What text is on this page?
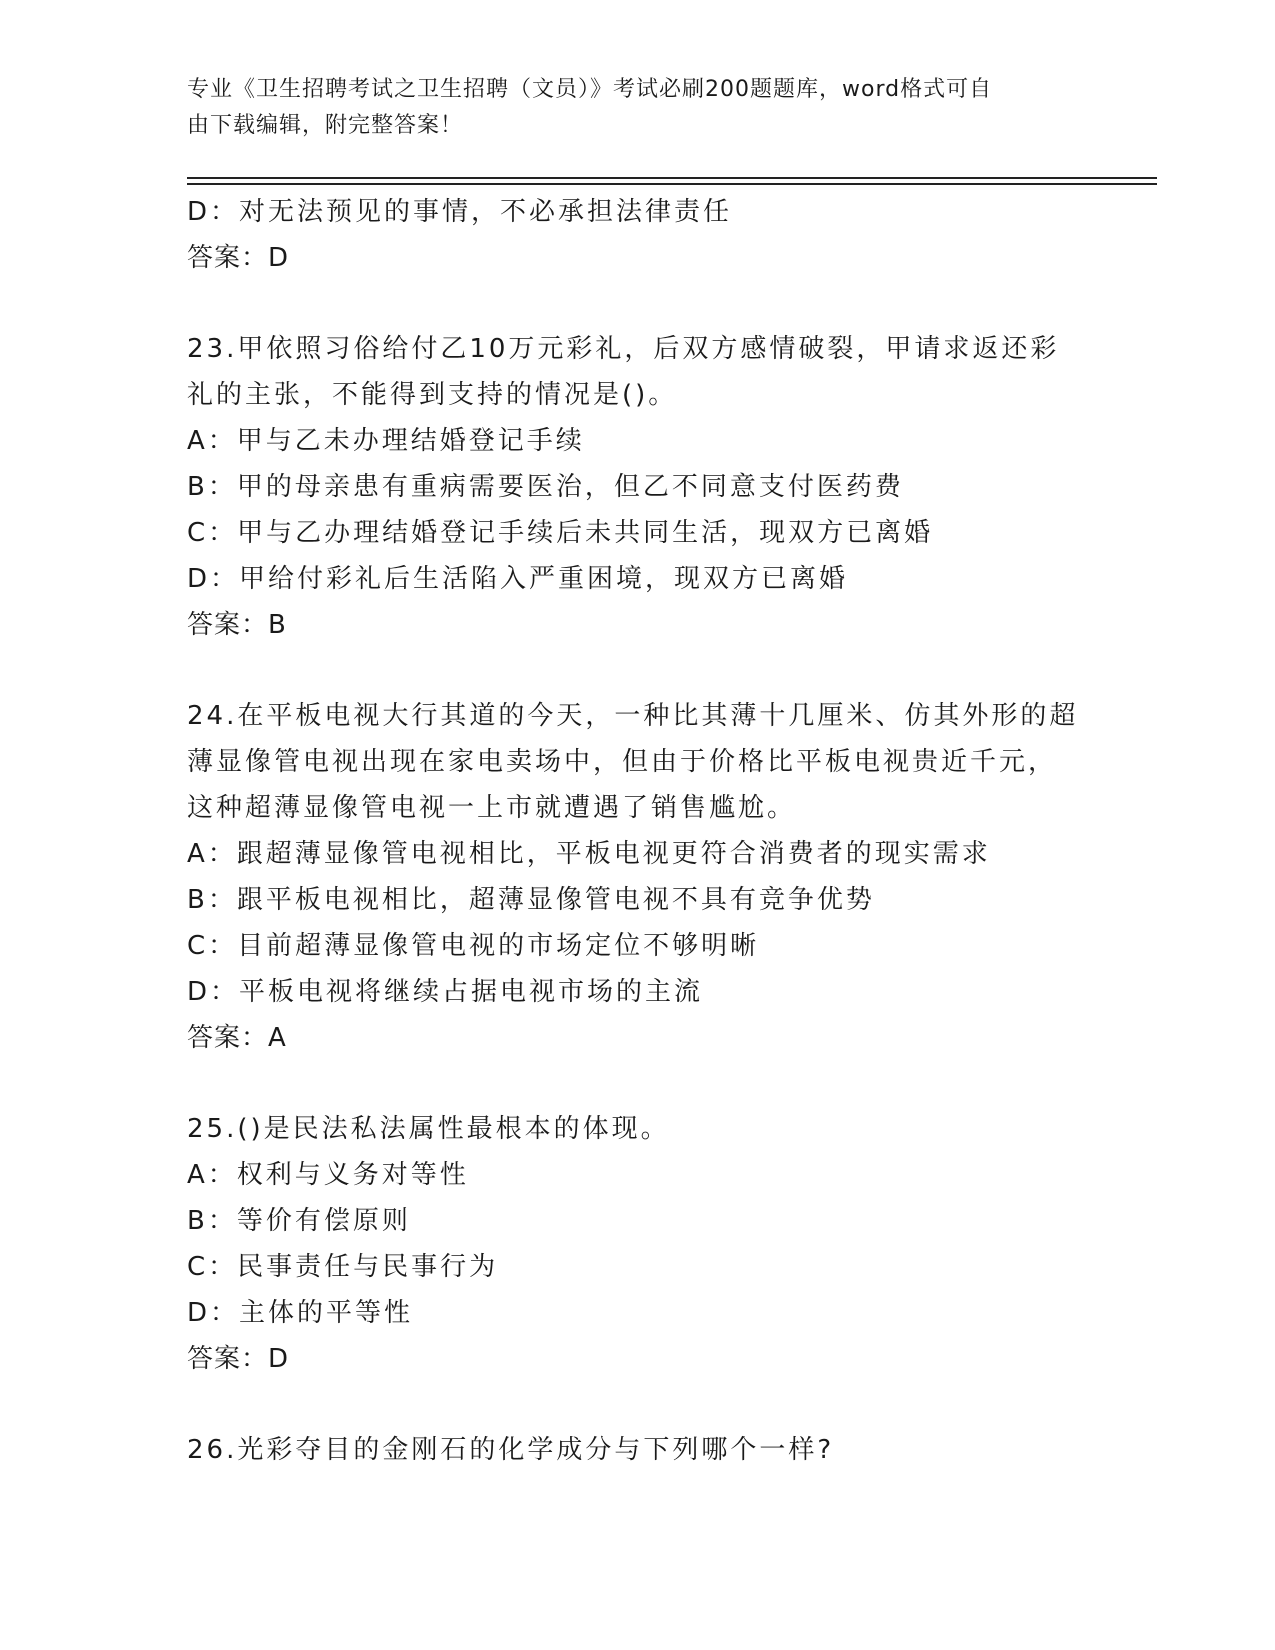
专业《卫生招聘考试之卫生招聘（文员）》考试必刷200题题库，word格式可自
由下载编辑，附完整答案！
D：对无法预见的事情，不必承担法律责任
答案：D
23.甲依照习俗给付乙10万元彩礼，后双方感情破裂，甲请求返还彩
礼的主张，不能得到支持的情况是()。
A：甲与乙未办理结婚登记手续
B：甲的母亲患有重病需要医治，但乙不同意支付医药费
C：甲与乙办理结婚登记手续后未共同生活，现双方已离婚
D：甲给付彩礼后生活陷入严重困境，现双方已离婚
答案：B
24.在平板电视大行其道的今天，一种比其薄十几厘米、仿其外形的超
薄显像管电视出现在家电卖场中，但由于价格比平板电视贵近千元，
这种超薄显像管电视一上市就遭遇了销售尴尬。
A：跟超薄显像管电视相比，平板电视更符合消费者的现实需求
B：跟平板电视相比，超薄显像管电视不具有竞争优势
C：目前超薄显像管电视的市场定位不够明晰
D：平板电视将继续占据电视市场的主流
答案：A
25.()是民法私法属性最根本的体现。
A：权利与义务对等性
B：等价有偿原则
C：民事责任与民事行为
D：主体的平等性
答案：D
26.光彩夺目的金刚石的化学成分与下列哪个一样?
